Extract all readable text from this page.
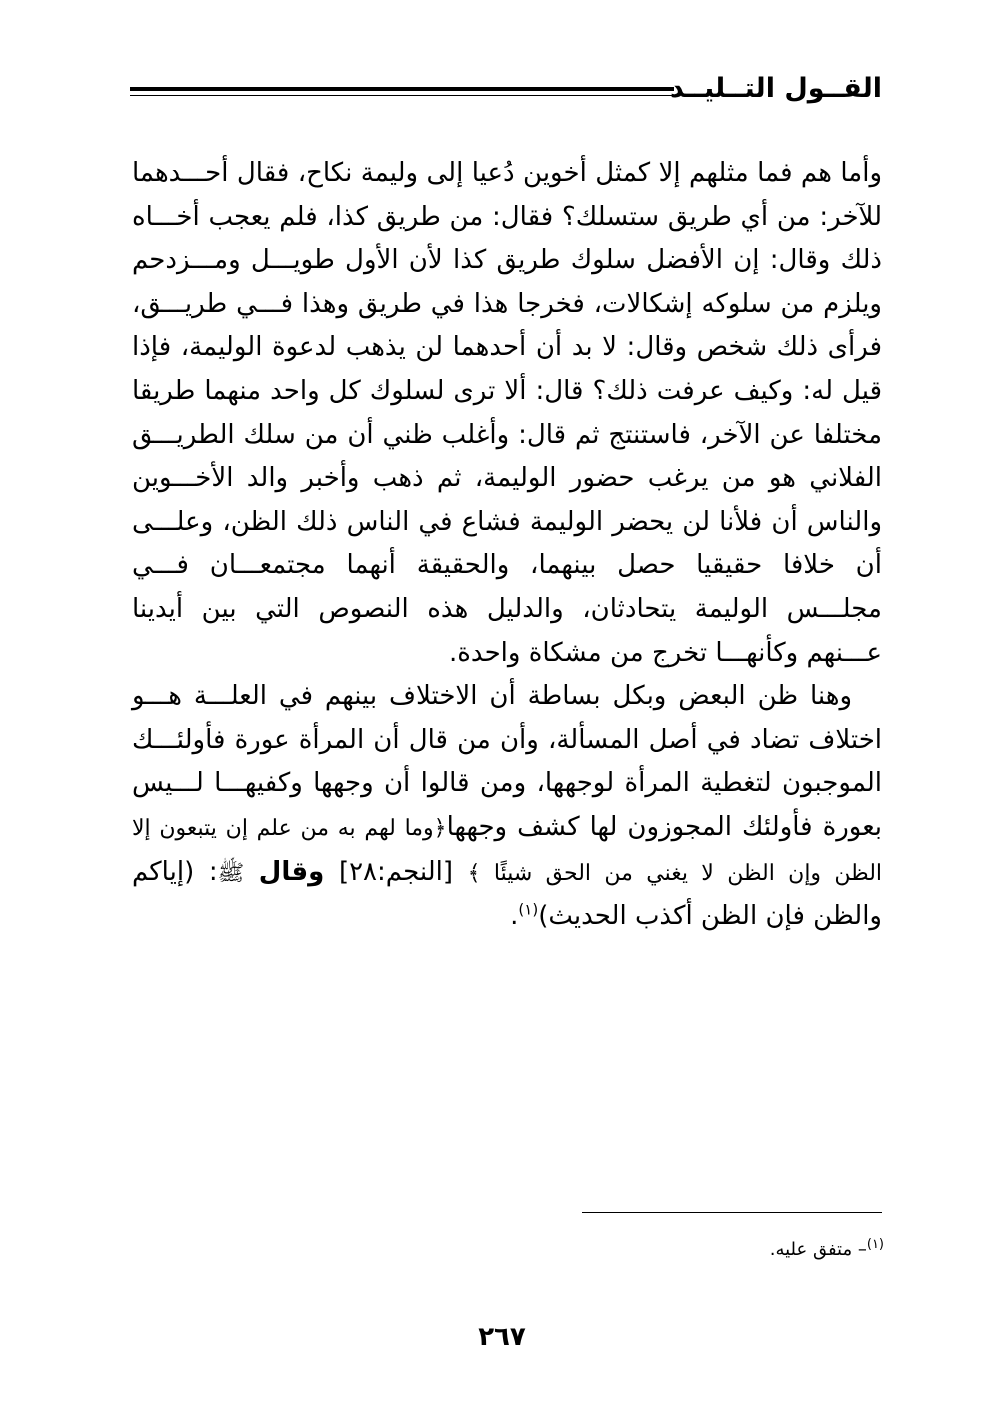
القــول التــليــد

وأما هم فما مثلهم إلا كمثل أخوين دُعيا إلى وليمة نكاح، فقال أحـــدهما للآخر: من أي طريق ستسلك؟ فقال: من طريق كذا، فلم يعجب أخـــاه ذلك وقال: إن الأفضل سلوك طريق كذا لأن الأول طويـــل ومـــزدحم ويلزم من سلوكه إشكالات، فخرجا هذا في طريق وهذا فـــي طريـــق، فرأى ذلك شخص وقال: لا بد أن أحدهما لن يذهب لدعوة الوليمة، فإذا قيل له: وكيف عرفت ذلك؟ قال: ألا ترى لسلوك كل واحد منهما طريقا مختلفا عن الآخر، فاستنتج ثم قال: وأغلب ظني أن من سلك الطريـــق الفلاني هو من يرغب حضور الوليمة، ثم ذهب وأخبر والد الأخـــوين والناس أن فلأنا لن يحضر الوليمة فشاع في الناس ذلك الظن، وعلـــى أن خلافا حقيقيا حصل بينهما، والحقيقة أنهما مجتمعـــان فـــي مجلـــس الوليمة يتحادثان، والدليل هذه النصوص التي بين أيدينا عـــنهم وكأنهـــا تخرج من مشكاة واحدة.

وهنا ظن البعض وبكل بساطة أن الاختلاف بينهم في العلـــة هـــو اختلاف تضاد في أصل المسألة، وأن من قال أن المرأة عورة فأولئـــك الموجبون لتغطية المرأة لوجهها، ومن قالوا أن وجهها وكفيهـــا لـــيس بعورة فأولئك المجوزون لها كشف وجهها﴿وما لهم به من علم إن يتبعون إلا الظن وإن الظن لا يغني من الحق شيئًا ﴾ [النجم:٢٨] وقال ﷺ: (إياكم والظن فإن الظن أكذب الحديث)$^{(١)}$.

$^{(١)}$– متفق عليه.
٢٦٧
